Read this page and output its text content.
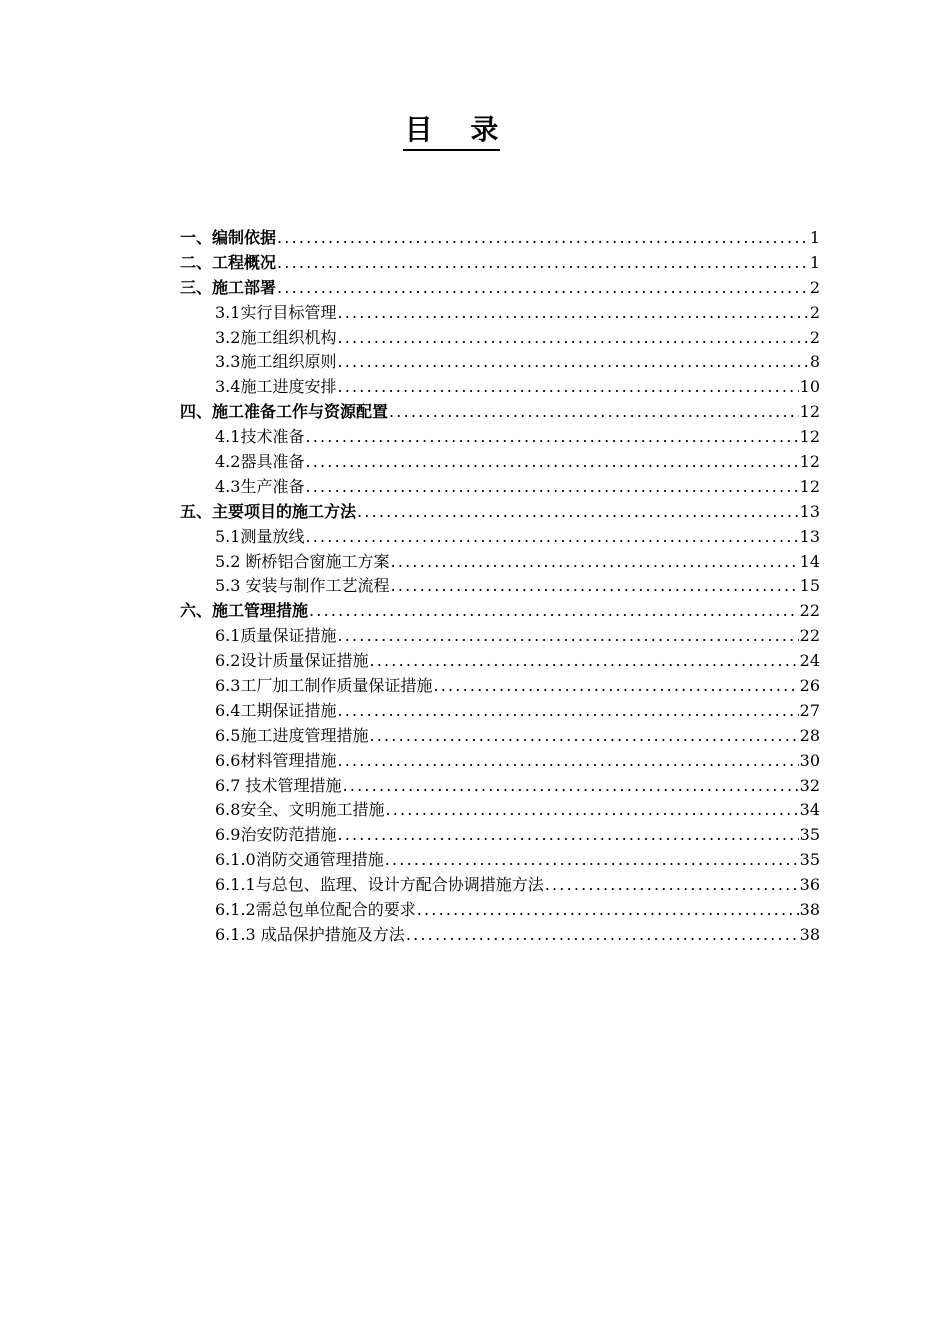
目 录
一、编制依据 .....	1
二、工程概况 .....	1
三、施工部署 .....	2
3.1实行目标管理 .....	2
3.2施工组织机构 .....	2
3.3施工组织原则 .....	8
3.4施工进度安排 .....	10
四、施工准备工作与资源配置 .....	12
4.1技术准备 .....	12
4.2器具准备 .....	12
4.3生产准备 .....	12
五、主要项目的施工方法 .....	13
5.1测量放线 .....	13
5.2 断桥铝合窗施工方案 .....	14
5.3 安装与制作工艺流程 .....	15
六、施工管理措施 .....	22
6.1质量保证措施 .....	22
6.2设计质量保证措施 .....	24
6.3工厂加工制作质量保证措施 .....	26
6.4工期保证措施 .....	27
6.5施工进度管理措施 .....	28
6.6材料管理措施 .....	30
6.7 技术管理措施 .....	32
6.8安全、文明施工措施 .....	34
6.9治安防范措施 .....	35
6.1.0消防交通管理措施 .....	35
6.1.1与总包、监理、设计方配合协调措施方法 .....	36
6.1.2需总包单位配合的要求 .....	38
6.1.3 成品保护措施及方法 .....	38
